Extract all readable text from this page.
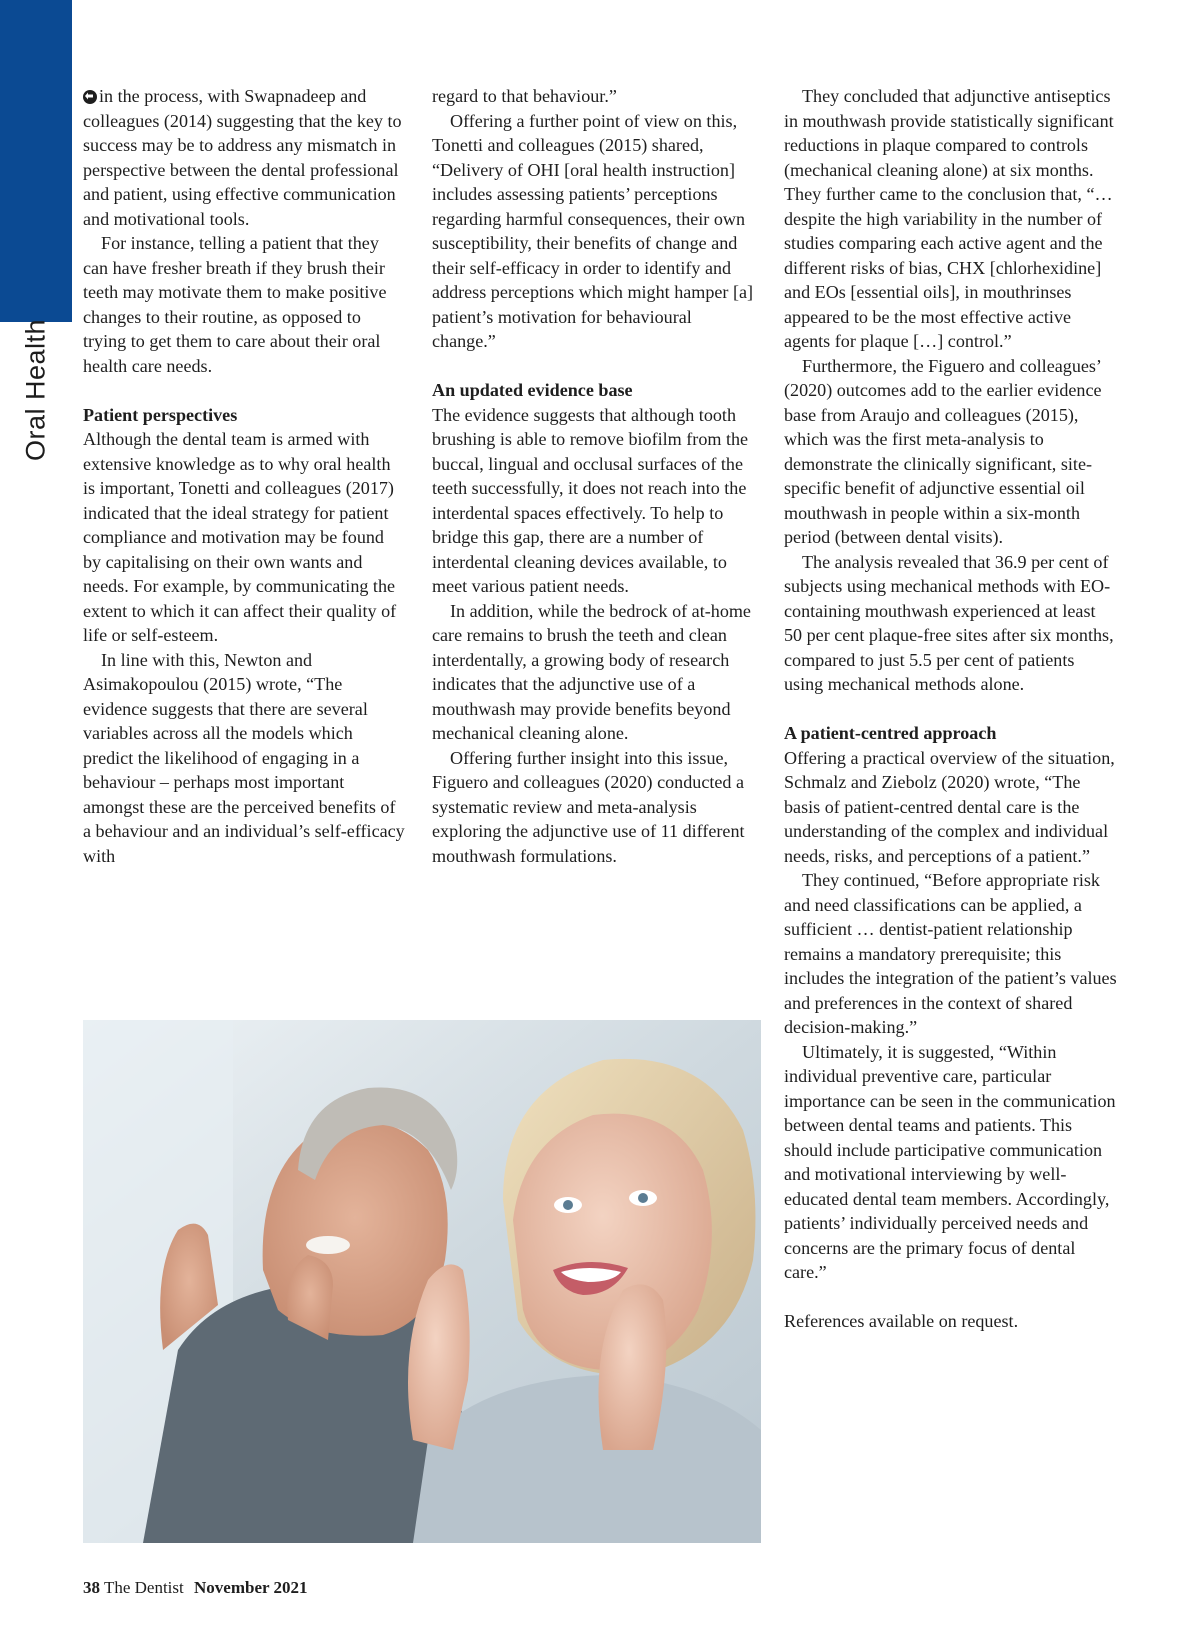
Oral Health

in the process, with Swapnadeep and colleagues (2014) suggesting that the key to success may be to address any mismatch in perspective between the dental professional and patient, using effective communication and motivational tools.

For instance, telling a patient that they can have fresher breath if they brush their teeth may motivate them to make positive changes to their routine, as opposed to trying to get them to care about their oral health care needs.

Patient perspectives

Although the dental team is armed with extensive knowledge as to why oral health is important, Tonetti and colleagues (2017) indicated that the ideal strategy for patient compliance and motivation may be found by capitalising on their own wants and needs. For example, by communicating the extent to which it can affect their quality of life or self-esteem.

In line with this, Newton and Asimakopoulou (2015) wrote, “The evidence suggests that there are several variables across all the models which predict the likelihood of engaging in a behaviour – perhaps most important amongst these are the perceived benefits of a behaviour and an individual’s self-efficacy with

regard to that behaviour.”

Offering a further point of view on this, Tonetti and colleagues (2015) shared, “Delivery of OHI [oral health instruction] includes assessing patients’ perceptions regarding harmful consequences, their own susceptibility, their benefits of change and their self-efficacy in order to identify and address perceptions which might hamper [a] patient’s motivation for behavioural change.”

An updated evidence base

The evidence suggests that although tooth brushing is able to remove biofilm from the buccal, lingual and occlusal surfaces of the teeth successfully, it does not reach into the interdental spaces effectively. To help to bridge this gap, there are a number of interdental cleaning devices available, to meet various patient needs.

In addition, while the bedrock of at-home care remains to brush the teeth and clean interdentally, a growing body of research indicates that the adjunctive use of a mouthwash may provide benefits beyond mechanical cleaning alone.

Offering further insight into this issue, Figuero and colleagues (2020) conducted a systematic review and meta-analysis exploring the adjunctive use of 11 different mouthwash formulations.

They concluded that adjunctive antiseptics in mouthwash provide statistically significant reductions in plaque compared to controls (mechanical cleaning alone) at six months.

They further came to the conclusion that, “… despite the high variability in the number of studies comparing each active agent and the different risks of bias, CHX [chlorhexidine] and EOs [essential oils], in mouthrinses appeared to be the most effective active agents for plaque […] control.”

Furthermore, the Figuero and colleagues’ (2020) outcomes add to the earlier evidence base from Araujo and colleagues (2015), which was the first meta-analysis to demonstrate the clinically significant, site-specific benefit of adjunctive essential oil mouthwash in people within a six-month period (between dental visits).

The analysis revealed that 36.9 per cent of subjects using mechanical methods with EO-containing mouthwash experienced at least 50 per cent plaque-free sites after six months, compared to just 5.5 per cent of patients using mechanical methods alone.

A patient-centred approach

Offering a practical overview of the situation, Schmalz and Ziebolz (2020) wrote, “The basis of patient-centred dental care is the understanding of the complex and individual needs, risks, and perceptions of a patient.”

They continued, “Before appropriate risk and need classifications can be applied, a sufficient … dentist-patient relationship remains a mandatory prerequisite; this includes the integration of the patient’s values and preferences in the context of shared decision-making.”

Ultimately, it is suggested, “Within individual preventive care, particular importance can be seen in the communication between dental teams and patients. This should include participative communication and motivational interviewing by well-educated dental team members. Accordingly, patients’ individually perceived needs and concerns are the primary focus of dental care.”

References available on request.

38 The Dentist November 2021
